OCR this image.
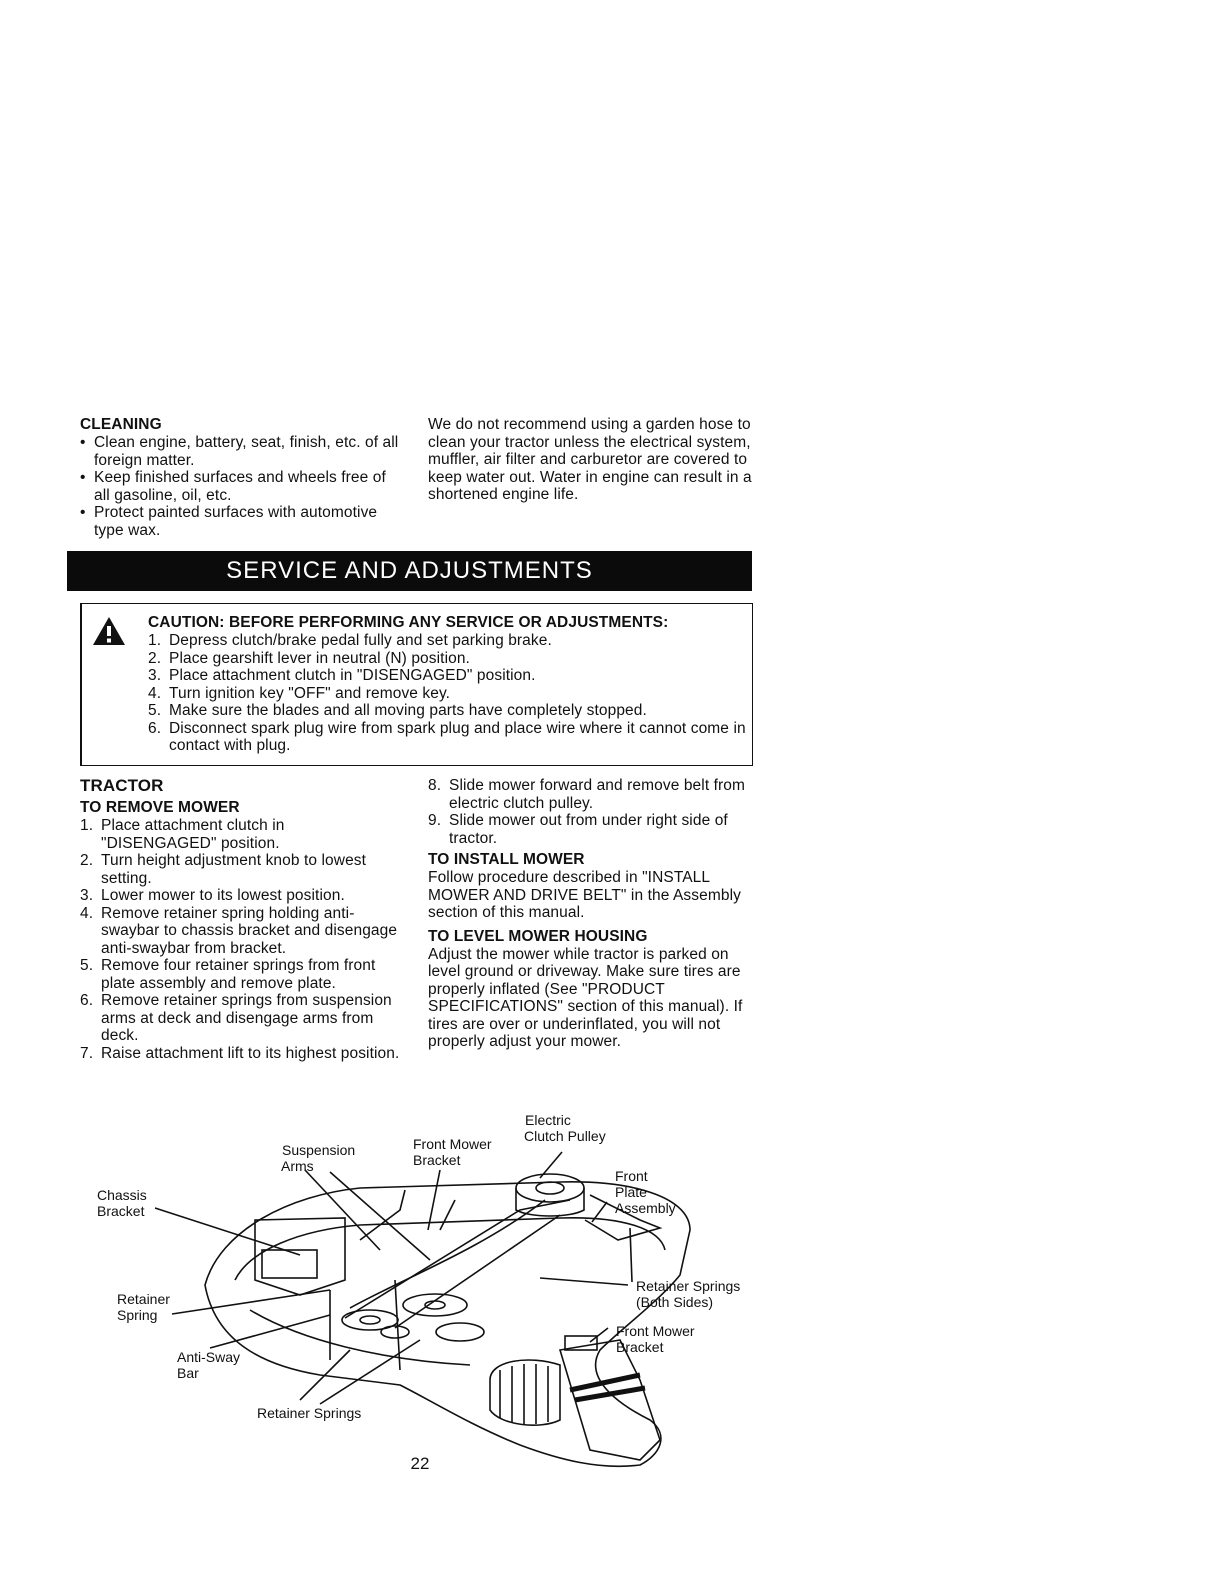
CLEANING
• Clean engine, battery, seat, finish, etc. of all foreign matter.
• Keep finished surfaces and wheels free of all gasoline, oil, etc.
• Protect painted surfaces with automotive type wax.
We do not recommend using a garden hose to clean your tractor unless the electrical system, muffler, air filter and carburetor are covered to keep water out. Water in engine can result in a shortened engine life.
SERVICE AND ADJUSTMENTS
CAUTION: BEFORE PERFORMING ANY SERVICE OR ADJUSTMENTS:
1. Depress clutch/brake pedal fully and set parking brake.
2. Place gearshift lever in neutral (N) position.
3. Place attachment clutch in "DISENGAGED" position.
4. Turn ignition key "OFF" and remove key.
5. Make sure the blades and all moving parts have completely stopped.
6. Disconnect spark plug wire from spark plug and place wire where it cannot come in contact with plug.
TRACTOR
TO REMOVE MOWER
1. Place attachment clutch in "DISENGAGED" position.
2. Turn height adjustment knob to lowest setting.
3. Lower mower to its lowest position.
4. Remove retainer spring holding anti-swaybar to chassis bracket and disengage anti-swaybar from bracket.
5. Remove four retainer springs from front plate assembly and remove plate.
6. Remove retainer springs from suspension arms at deck and disengage arms from deck.
7. Raise attachment lift to its highest position.
8. Slide mower forward and remove belt from electric clutch pulley.
9. Slide mower out from under right side of tractor.
TO INSTALL MOWER
Follow procedure described in "INSTALL MOWER AND DRIVE BELT" in the Assembly section of this manual.
TO LEVEL MOWER HOUSING
Adjust the mower while tractor is parked on level ground or driveway. Make sure tires are properly inflated (See "PRODUCT SPECIFICATIONS" section of this manual). If tires are over or underinflated, you will not properly adjust your mower.
Electric
Clutch Pulley
Suspension
Arms
Front Mower
Bracket
Front
Plate
Assembly
Chassis
Bracket
Retainer Springs
(Both Sides)
Retainer
Spring
Front Mower
Bracket
Anti-Sway
Bar
Retainer Springs
22
